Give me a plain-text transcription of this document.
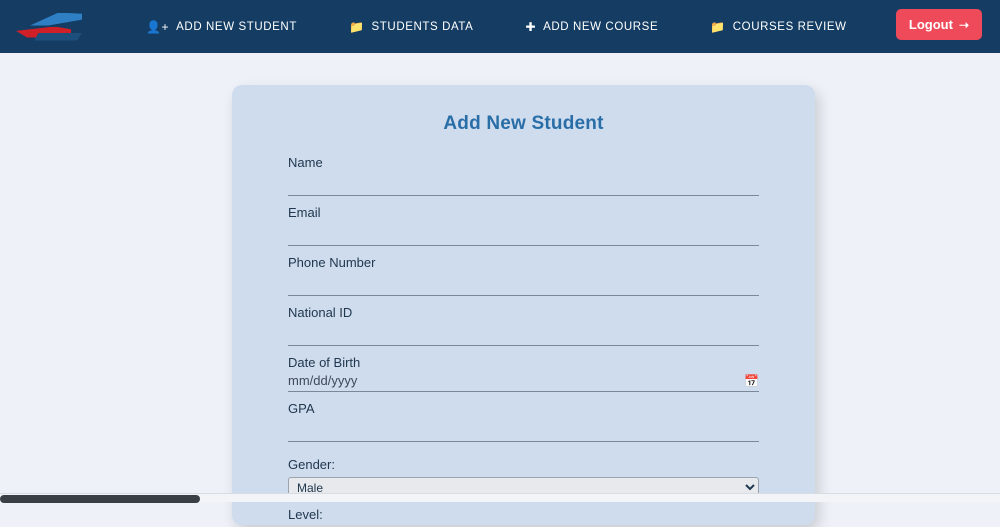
👤+ ADD NEW STUDENT	📁 STUDENTS DATA	✚ ADD NEW COURSE	📁 COURSES REVIEW	Logout ➝
Add New Student
Name
Email
Phone Number
National ID
Date of Birth
mm/dd/yyyy	📅
GPA
Gender:
Male
Level:
